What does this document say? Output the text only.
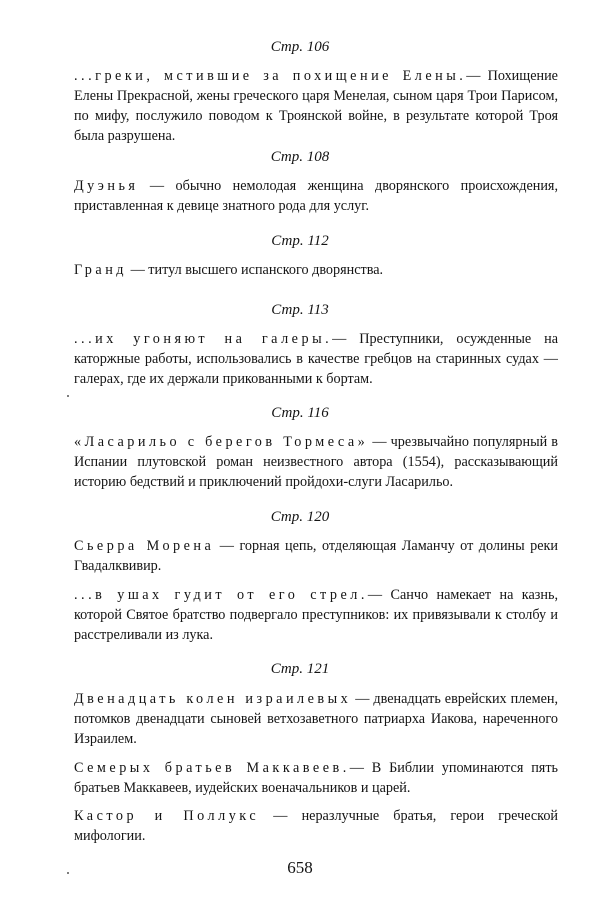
Стр. 106
...греки, мстившие за похищение Елены.— Похищение Елены Прекрасной, жены греческого царя Менелая, сыном царя Трои Парисом, по мифу, послужило поводом к Троянской войне, в результате которой Троя была разрушена.
Стр. 108
Дуэнья — обычно немолодая женщина дворянского происхождения, приставленная к девице знатного рода для услуг.
Стр. 112
Гранд — титул высшего испанского дворянства.
Стр. 113
...их угоняют на галеры.— Преступники, осужденные на каторжные работы, использовались в качестве гребцов на старинных судах — галерах, где их держали прикованными к бортам.
Стр. 116
«Ласарильо с берегов Тормеса» — чрезвычайно популярный в Испании плутовской роман неизвестного автора (1554), рассказывающий историю бедствий и приключений пройдохи-слуги Ласарильо.
Стр. 120
Сьерра Морена — горная цепь, отделяющая Ламанчу от долины реки Гвадалквивир.
...в ушах гудит от его стрел.— Санчо намекает на казнь, которой Святое братство подвергало преступников: их привязывали к столбу и расстреливали из лука.
Стр. 121
Двенадцать колен израилевых — двенадцать еврейских племен, потомков двенадцати сыновей ветхозаветного патриарха Иакова, нареченного Израилем.
Семерых братьев Маккавеев.— В Библии упоминаются пять братьев Маккавеев, иудейских военачальников и царей.
Кастор и Поллукс — неразлучные братья, герои греческой мифологии.
658
